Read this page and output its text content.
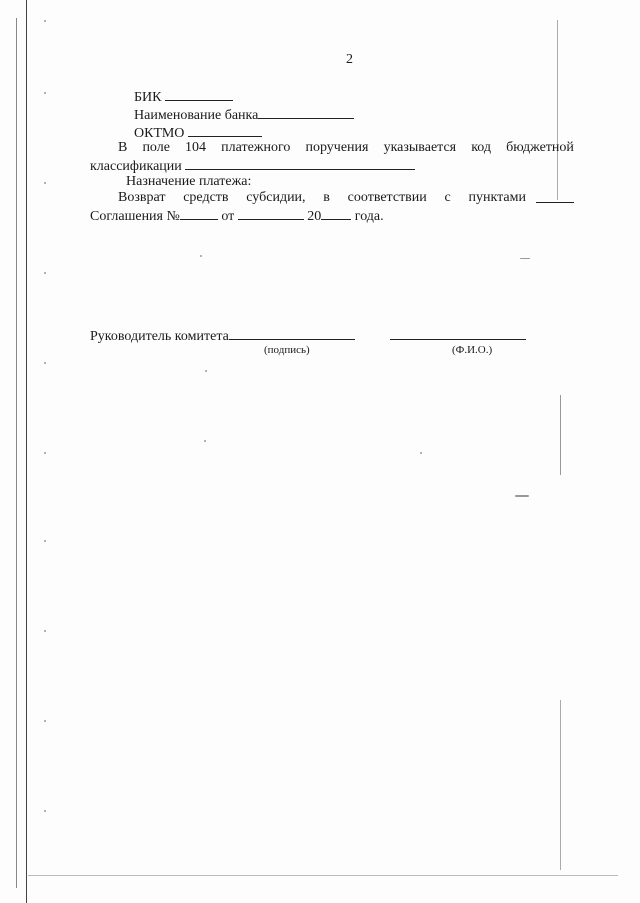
2
БИК
Наименование банка
ОКТМО
В поле 104 платежного поручения указывается код бюджетной
классификации
Назначение платежа:
Возврат средств субсидии, в соответствии с пунктами
Соглашения №	от	20 года.
Руководитель комитета
(подпись)	(Ф.И.О.)
